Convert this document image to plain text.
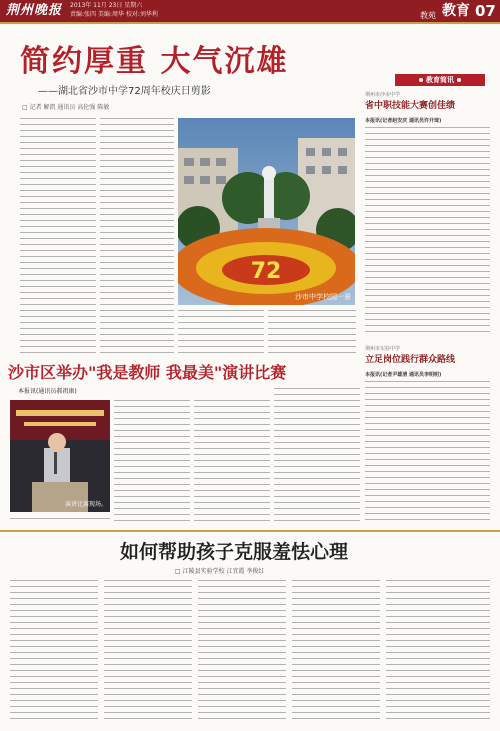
荆州晚报	2013年 11月 23日 星期六
责编:张四 美编:周华 校对:刘华利	教苑 教育 07
简约厚重 大气沉雄
——湖北省沙市中学72周年校庆日剪影
□ 记者 解凯 通讯员 高伦强 陈敏
72
沙市中学校园一景
教育简讯
荆州市沙市中学
省中职技能大赛创佳绩
本报讯(记者赵安庆 通讯员许开琦)
荆州市实验中学
立足岗位践行群众路线
本报讯(记者尹雄清 通讯员李明明)
沙市区举办"我是教师 我最美"演讲比赛
本报讯(通讯员郝祖康)
演讲比赛现场。
如何帮助孩子克服羞怯心理
□ 江陵县实验学校 江宜霞 李俊红
